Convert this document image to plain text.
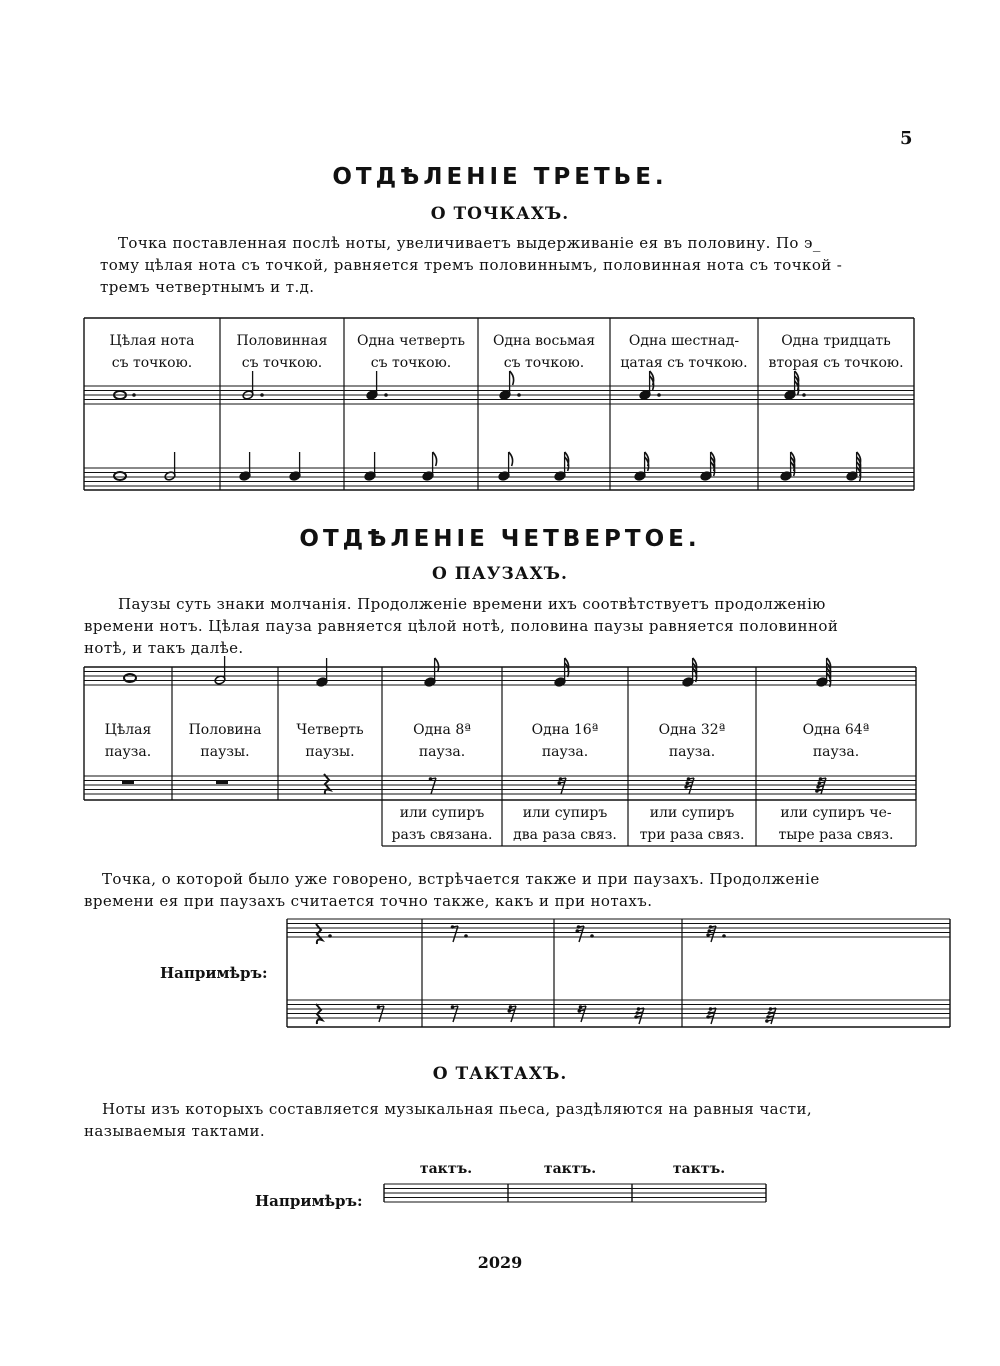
5
ОТДѢЛЕНІЕ ТРЕТЬЕ.
О ТОЧКАХЪ.
Точка поставленная послѣ ноты, увеличиваетъ выдерживаніе ея въ половину. По э_
тому цѣлая нота съ точкой, равняется тремъ половиннымъ, половинная нота съ точкой -
тремъ четвертнымъ и т.д.
Цѣлая нота
съ точкою.
Половинная
съ точкою.
Одна четверть
съ точкою.
Одна восьмая
съ точкою.
Одна шестнад-
цатая съ точкою.
Одна тридцать
вторая съ точкою.
ОТДѢЛЕНІЕ ЧЕТВЕРТОЕ.
О ПАУЗАХЪ.
Паузы суть знаки молчанія. Продолженіе времени ихъ соотвѣтствуетъ продолженію
времени нотъ. Цѣлая пауза равняется цѣлой нотѣ, половина паузы равняется половинной
нотѣ, и такъ далѣе.
Цѣлая
пауза.
Половина
паузы.
Четверть
паузы.
Одна 8ª
пауза.
Одна 16ª
пауза.
Одна 32ª
пауза.
Одна 64ª
пауза.
или супиръ
разъ связана.
или супиръ
два раза связ.
или супиръ
три раза связ.
или супиръ че-
тыре раза связ.
Точка, о которой было уже говорено, встрѣчается также и при паузахъ. Продолженіе
времени ея при паузахъ считается точно также, какъ и при нотахъ.
Напримѣръ:
О ТАКТАХЪ.
Ноты изъ которыхъ составляется музыкальная пьеса, раздѣляются на равныя части,
называемыя тактами.
тактъ.	тактъ.	тактъ.
Напримѣръ:
2029
